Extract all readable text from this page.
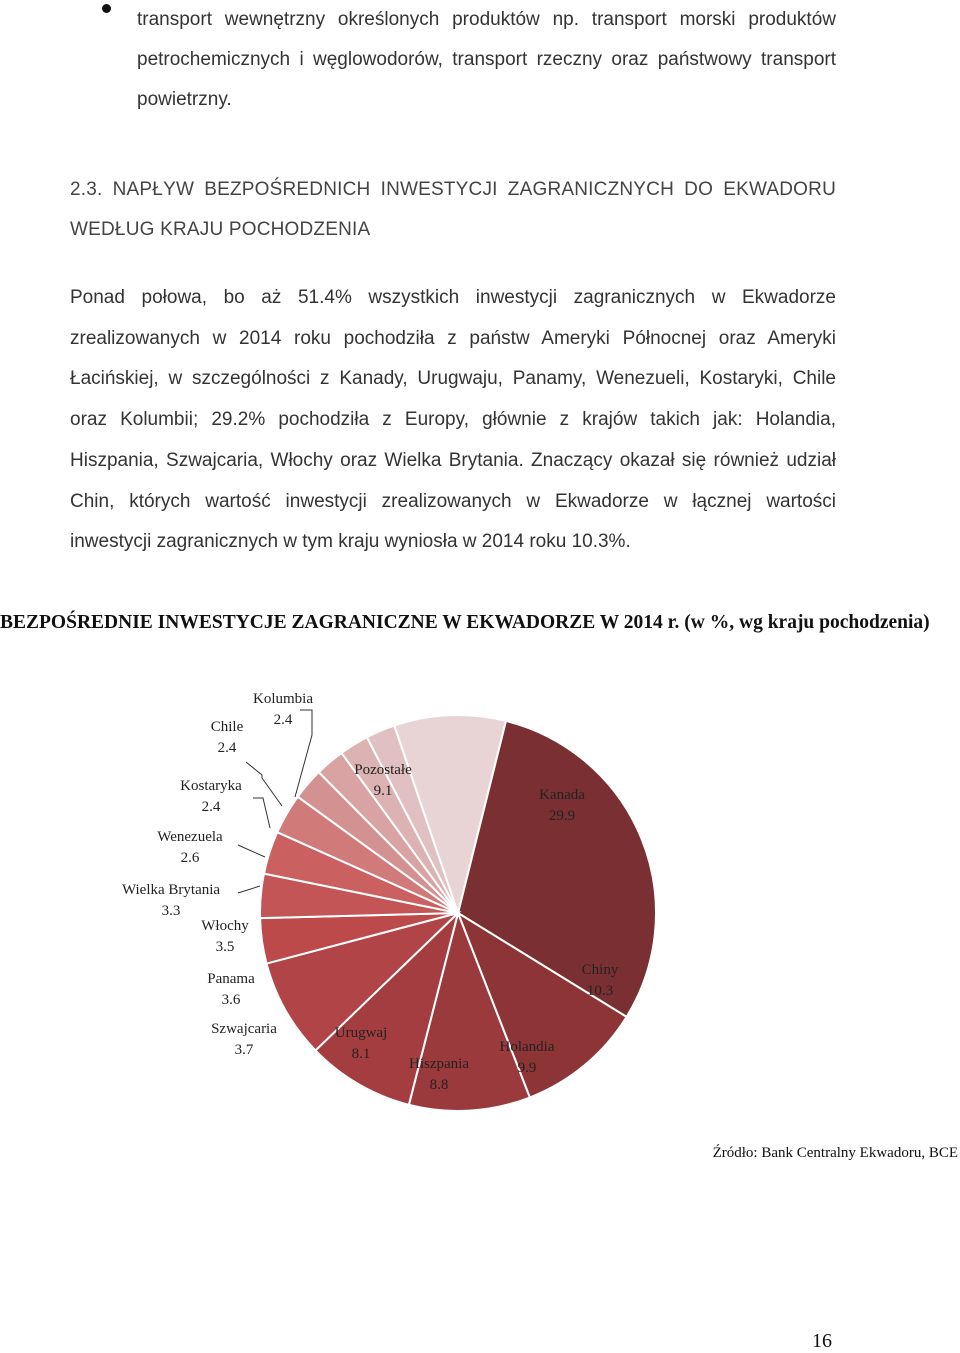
transport wewnętrzny określonych produktów np. transport morski produktów petrochemicznych i węglowodorów, transport rzeczny oraz państwowy transport powietrzny.
2.3. NAPŁYW BEZPOŚREDNICH INWESTYCJI ZAGRANICZNYCH DO EKWADORU WEDŁUG KRAJU POCHODZENIA
Ponad połowa, bo aż 51.4% wszystkich inwestycji zagranicznych w Ekwadorze zrealizowanych w 2014 roku pochodziła z państw Ameryki Północnej oraz Ameryki Łacińskiej, w szczególności z Kanady, Urugwaju, Panamy, Wenezueli, Kostaryki, Chile oraz Kolumbii; 29.2% pochodziła z Europy, głównie z krajów takich jak: Holandia, Hiszpania, Szwajcaria, Włochy oraz Wielka Brytania. Znaczący okazał się również udział Chin, których wartość inwestycji zrealizowanych w Ekwadorze w łącznej wartości inwestycji zagranicznych w tym kraju wyniosła w 2014 roku 10.3%.
BEZPOŚREDNIE INWESTYCJE ZAGRANICZNE W EKWADORZE W 2014 r. (w %, wg kraju pochodzenia)
Kanada 29.9
Chiny 10.3
Holandia 9.9
Hiszpania 8.8
Urugwaj 8.1
Szwajcaria 3.7
Panama 3.6
Włochy 3.5
Wielka Brytania 3.3
Wenezuela 2.6
Kostaryka 2.4
Chile 2.4
Kolumbia 2.4
Pozostałe 9.1
Źródło: Bank Centralny Ekwadoru, BCE
16
